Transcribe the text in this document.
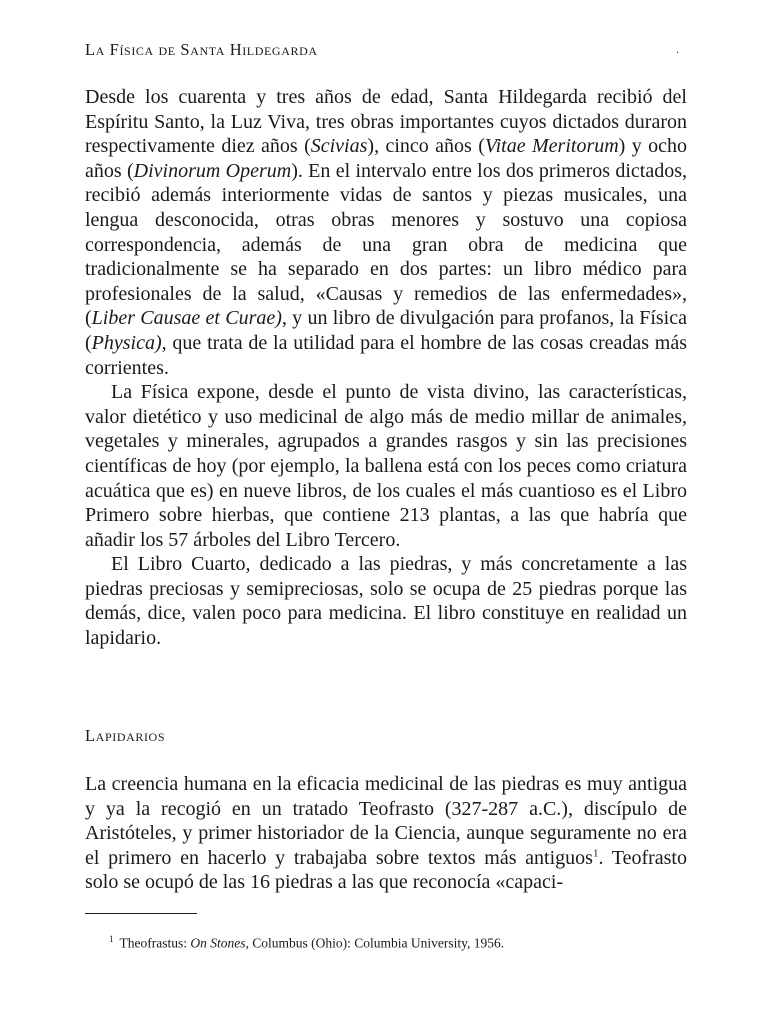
La Física de Santa Hildegarda	.

Desde los cuarenta y tres años de edad, Santa Hildegarda recibió del Espíritu Santo, la Luz Viva, tres obras importantes cuyos dictados duraron respectivamente diez años (Scivias), cinco años (Vitae Meritorum) y ocho años (Divinorum Operum). En el intervalo entre los dos primeros dictados, recibió además interiormente vidas de santos y piezas musicales, una lengua desconocida, otras obras menores y sostuvo una copiosa correspondencia, además de una gran obra de medicina que tradicionalmente se ha separado en dos partes: un libro médico para profesionales de la salud, «Causas y remedios de las enfermedades», (Liber Causae et Curae), y un libro de divulgación para profanos, la Física (Physica), que trata de la utilidad para el hombre de las cosas creadas más corrientes.

La Física expone, desde el punto de vista divino, las características, valor dietético y uso medicinal de algo más de medio millar de animales, vegetales y minerales, agrupados a grandes rasgos y sin las precisiones científicas de hoy (por ejemplo, la ballena está con los peces como criatura acuática que es) en nueve libros, de los cuales el más cuantioso es el Libro Primero sobre hierbas, que contiene 213 plantas, a las que habría que añadir los 57 árboles del Libro Tercero.

El Libro Cuarto, dedicado a las piedras, y más concretamente a las piedras preciosas y semipreciosas, solo se ocupa de 25 piedras porque las demás, dice, valen poco para medicina. El libro constituye en realidad un lapidario.

Lapidarios

La creencia humana en la eficacia medicinal de las piedras es muy antigua y ya la recogió en un tratado Teofrasto (327-287 a.C.), discípulo de Aristóteles, y primer historiador de la Ciencia, aunque seguramente no era el primero en hacerlo y trabajaba sobre textos más antiguos$^1$. Teofrasto solo se ocupó de las 16 piedras a las que reconocía «capaci-

$^1$ Theofrastus: On Stones, Columbus (Ohio): Columbia University, 1956.
